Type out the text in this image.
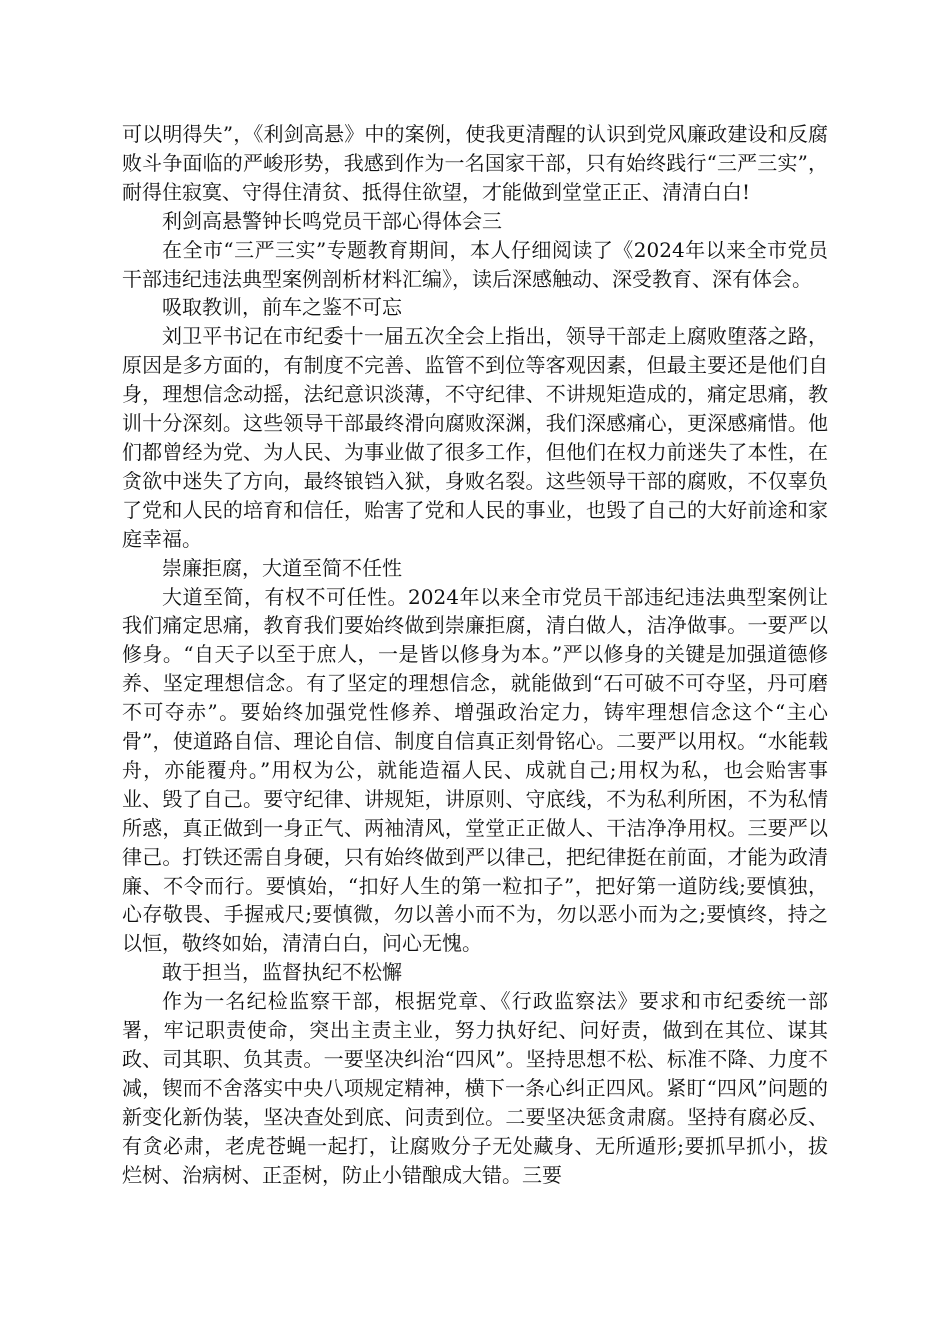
可以明得失”，《利剑高悬》中的案例，使我更清醒的认识到党风廉政建设和反腐败斗争面临的严峻形势，我感到作为一名国家干部，只有始终践行“三严三实”，耐得住寂寞、守得住清贫、抵得住欲望，才能做到堂堂正正、清清白白!

利剑高悬警钟长鸣党员干部心得体会三

在全市“三严三实”专题教育期间，本人仔细阅读了《2024年以来全市党员干部违纪违法典型案例剖析材料汇编》，读后深感触动、深受教育、深有体会。

吸取教训，前车之鉴不可忘

刘卫平书记在市纪委十一届五次全会上指出，领导干部走上腐败堕落之路，原因是多方面的，有制度不完善、监管不到位等客观因素，但最主要还是他们自身，理想信念动摇，法纪意识淡薄，不守纪律、不讲规矩造成的，痛定思痛，教训十分深刻。这些领导干部最终滑向腐败深渊，我们深感痛心，更深感痛惜。他们都曾经为党、为人民、为事业做了很多工作，但他们在权力前迷失了本性，在贪欲中迷失了方向，最终锒铛入狱，身败名裂。这些领导干部的腐败，不仅辜负了党和人民的培育和信任，贻害了党和人民的事业，也毁了自己的大好前途和家庭幸福。

崇廉拒腐，大道至简不任性

大道至简，有权不可任性。2024年以来全市党员干部违纪违法典型案例让我们痛定思痛，教育我们要始终做到崇廉拒腐，清白做人，洁净做事。一要严以修身。“自天子以至于庶人，一是皆以修身为本。”严以修身的关键是加强道德修养、坚定理想信念。有了坚定的理想信念，就能做到“石可破不可夺坚，丹可磨不可夺赤”。要始终加强党性修养、增强政治定力，铸牢理想信念这个“主心骨”，使道路自信、理论自信、制度自信真正刻骨铭心。二要严以用权。“水能载舟，亦能覆舟。”用权为公，就能造福人民、成就自己;用权为私，也会贻害事业、毁了自己。要守纪律、讲规矩，讲原则、守底线，不为私利所困，不为私情所惑，真正做到一身正气、两袖清风，堂堂正正做人、干洁净净用权。三要严以律己。打铁还需自身硬，只有始终做到严以律己，把纪律挺在前面，才能为政清廉、不令而行。要慎始，“扣好人生的第一粒扣子”，把好第一道防线;要慎独，心存敬畏、手握戒尺;要慎微，勿以善小而不为，勿以恶小而为之;要慎终，持之以恒，敬终如始，清清白白，问心无愧。

敢于担当，监督执纪不松懈

作为一名纪检监察干部，根据党章、《行政监察法》要求和市纪委统一部署，牢记职责使命，突出主责主业，努力执好纪、问好责，做到在其位、谋其政、司其职、负其责。一要坚决纠治“四风”。坚持思想不松、标准不降、力度不减，锲而不舍落实中央八项规定精神，横下一条心纠正四风。紧盯“四风”问题的新变化新伪装，坚决查处到底、问责到位。二要坚决惩贪肃腐。坚持有腐必反、有贪必肃，老虎苍蝇一起打，让腐败分子无处藏身、无所遁形;要抓早抓小，拔烂树、治病树、正歪树，防止小错酿成大错。三要
